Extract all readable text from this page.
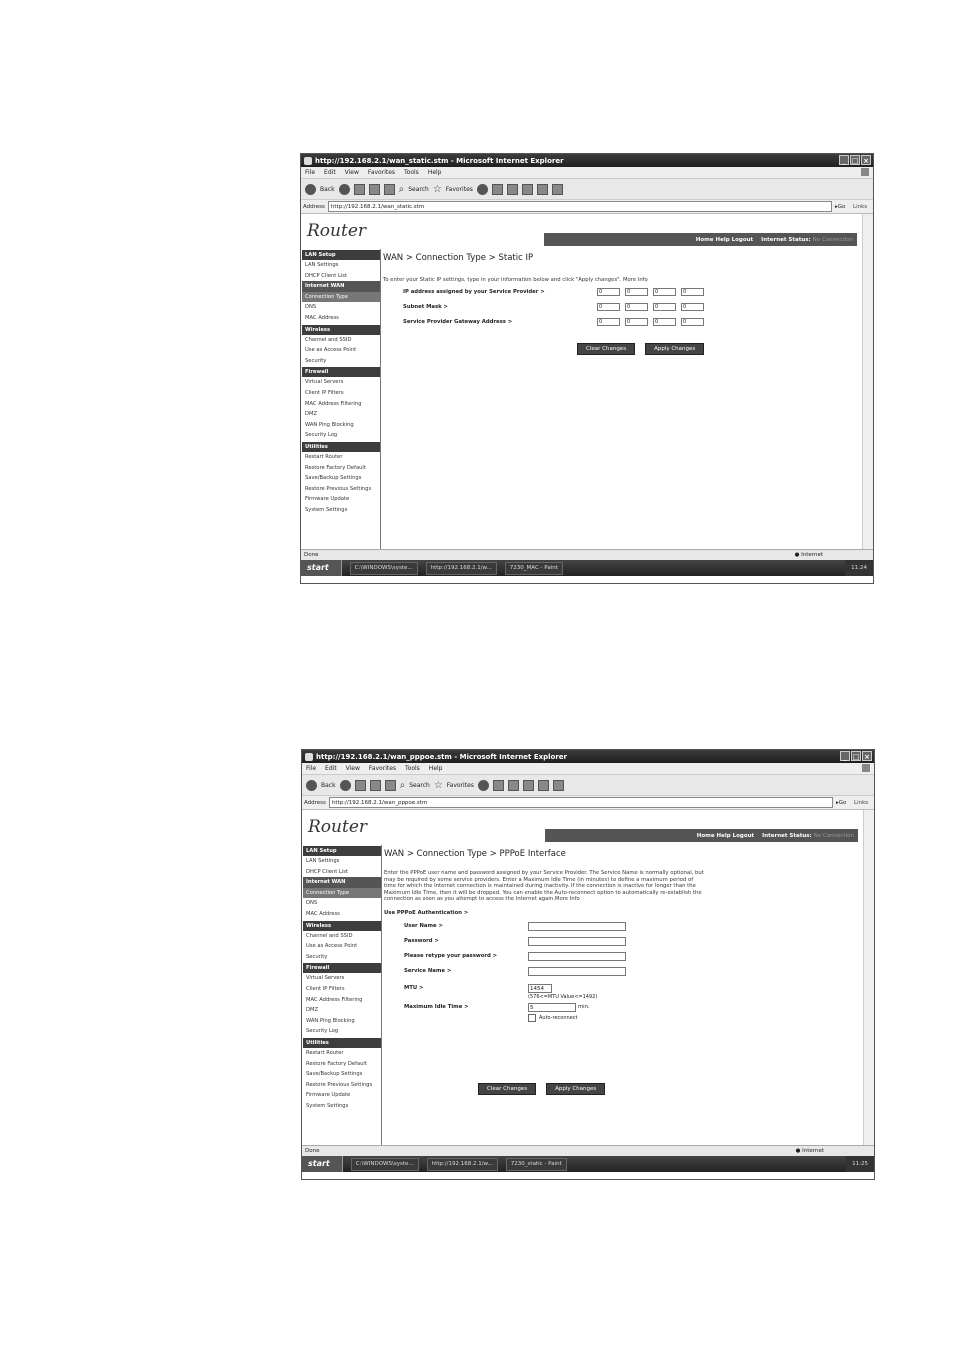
http://192.168.2.1/wan_static.stm - Microsoft Internet Explorer	_ □ ×
File Edit View Favorites Tools Help
Back	⌕ Search ☆ Favorites
Address	http://192.168.2.1/wan_static.stm	▸ Go Links
Router	Home Help Logout Internet Status: No Connection
LAN Setup
LAN Settings
DHCP Client List
Internet WAN
Connection Type
DNS
MAC Address
Wireless
Channel and SSID
Use as Access Point
Security
Firewall
Virtual Servers
Client IP Filters
MAC Address Filtering
DMZ
WAN Ping Blocking
Security Log
Utilities
Restart Router
Restore Factory Default
Save/Backup Settings
Restore Previous Settings
Firmware Update
System Settings
WAN > Connection Type > Static IP
To enter your Static IP settings, type in your information below and click "Apply changes". More Info
IP address assigned by your Service Provider >	0	0	0	0
Subnet Mask >	0	0	0	0
Service Provider Gateway Address >	0	0	0	0
Clear Changes	Apply Changes
Done	● Internet
start	C:\WINDOWS\syste...	http://192.168.2.1/w...	7230_MAC - Paint	11:24
http://192.168.2.1/wan_pppoe.stm - Microsoft Internet Explorer	_ □ ×
File Edit View Favorites Tools Help
Back	⌕ Search ☆ Favorites
Address	http://192.168.2.1/wan_pppoe.stm	▸ Go Links
Router	Home Help Logout Internet Status: No Connection
LAN Setup
LAN Settings
DHCP Client List
Internet WAN
Connection Type
DNS
MAC Address
Wireless
Channel and SSID
Use as Access Point
Security
Firewall
Virtual Servers
Client IP Filters
MAC Address Filtering
DMZ
WAN Ping Blocking
Security Log
Utilities
Restart Router
Restore Factory Default
Save/Backup Settings
Restore Previous Settings
Firmware Update
System Settings
WAN > Connection Type > PPPoE Interface
Enter the PPPoE user name and password assigned by your Service Provider. The Service Name is normally optional, but may be required by some service providers. Enter a Maximum Idle Time (in minutes) to define a maximum period of time for which the Internet connection is maintained during inactivity. If the connection is inactive for longer than the Maximum Idle Time, then it will be dropped. You can enable the Auto-reconnect option to automatically re-establish the connection as soon as you attempt to access the Internet again.More Info
Use PPPoE Authentication >
User Name >
Password >
Please retype your password >
Service Name >
MTU >	1454
(576<=MTU Value<=1492)
Maximum Idle Time >	5	min.
Auto-reconnect
Clear Changes	Apply Changes
Done	● Internet
start	C:\WINDOWS\syste...	http://192.168.2.1/w...	7230_static - Paint	11:25
